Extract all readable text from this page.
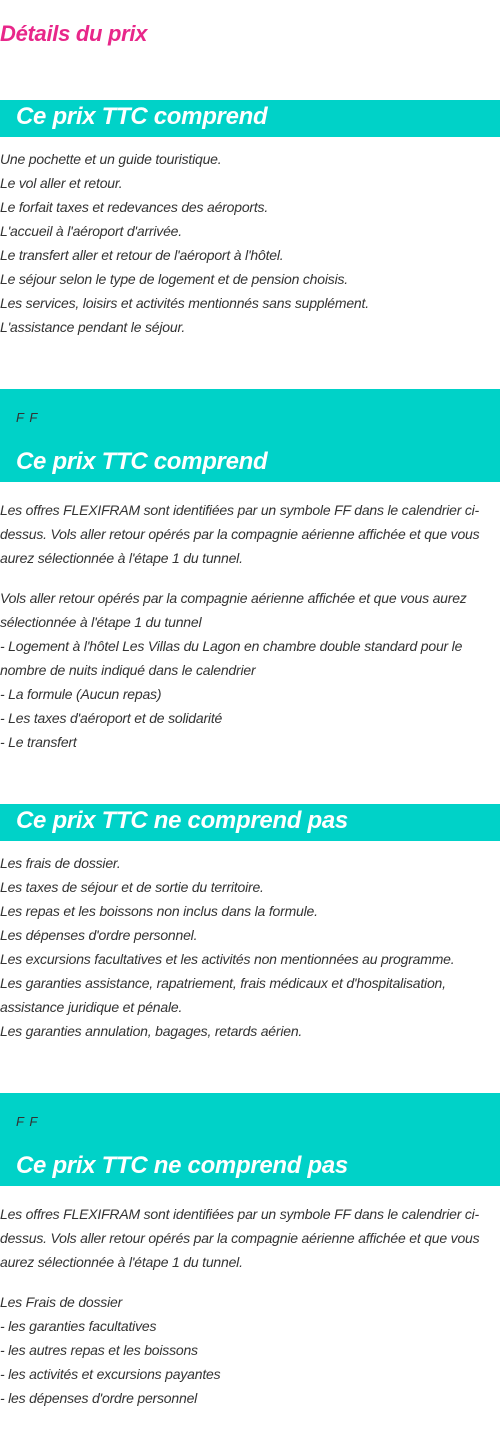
Détails du prix
Ce prix TTC comprend
Une pochette et un guide touristique.
Le vol aller et retour.
Le forfait taxes et redevances des aéroports.
L'accueil à l'aéroport d'arrivée.
Le transfert aller et retour de l'aéroport à l'hôtel.
Le séjour selon le type de logement et de pension choisis.
Les services, loisirs et activités mentionnés sans supplément.
L'assistance pendant le séjour.
F F
Ce prix TTC comprend

Les offres FLEXIFRAM sont identifiées par un symbole FF dans le calendrier ci-dessus. Vols aller retour opérés par la compagnie aérienne affichée et que vous aurez sélectionnée à l'étape 1 du tunnel.

Vols aller retour opérés par la compagnie aérienne affichée et que vous aurez
sélectionnée à l'étape 1 du tunnel
- Logement à l'hôtel Les Villas du Lagon en chambre double standard pour le
nombre de nuits indiqué dans le calendrier
- La formule (Aucun repas)
- Les taxes d'aéroport et de solidarité
- Le transfert
Ce prix TTC ne comprend pas
Les frais de dossier.
Les taxes de séjour et de sortie du territoire.
Les repas et les boissons non inclus dans la formule.
Les dépenses d'ordre personnel.
Les excursions facultatives et les activités non mentionnées au programme.
Les garanties assistance, rapatriement, frais médicaux et d'hospitalisation,
assistance juridique et pénale.
Les garanties annulation, bagages, retards aérien.
F F
Ce prix TTC ne comprend pas

Les offres FLEXIFRAM sont identifiées par un symbole FF dans le calendrier ci-dessus. Vols aller retour opérés par la compagnie aérienne affichée et que vous aurez sélectionnée à l'étape 1 du tunnel.

Les Frais de dossier
- les garanties facultatives
- les autres repas et les boissons
- les activités et excursions payantes
- les dépenses d'ordre personnel
